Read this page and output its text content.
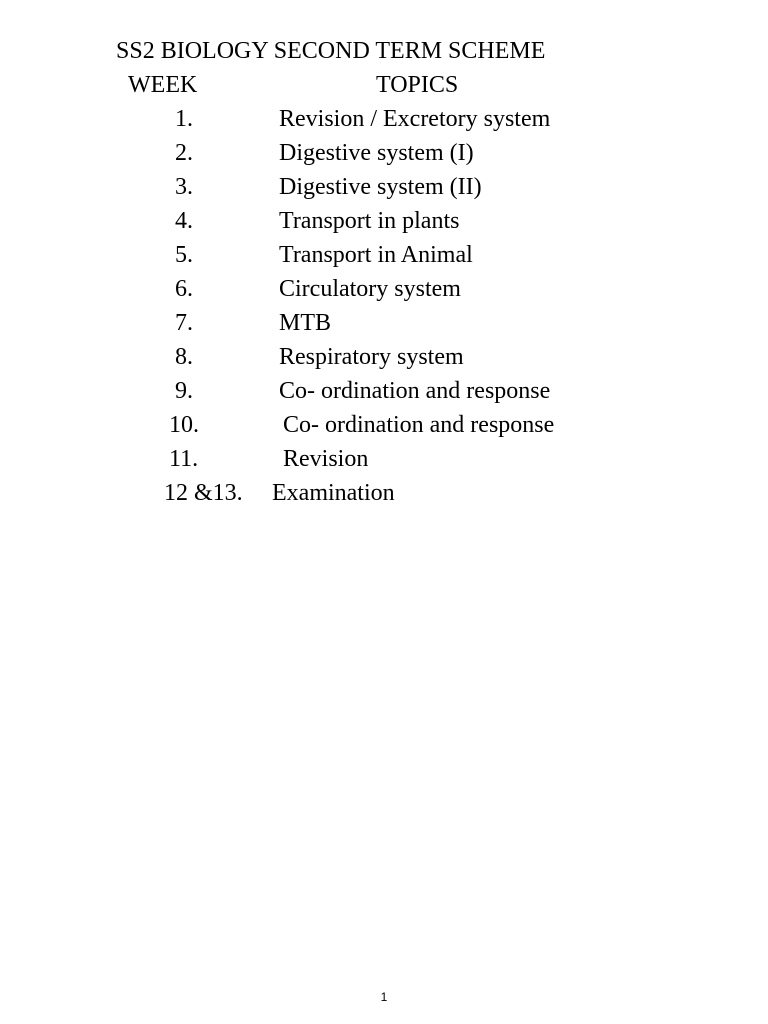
SS2 BIOLOGY SECOND TERM SCHEME
WEEK	TOPICS
1.	Revision / Excretory system
2.	Digestive system (I)
3.	Digestive system (II)
4.	Transport in plants
5.	Transport in Animal
6.	Circulatory system
7.	MTB
8.	Respiratory system
9.	Co- ordination and response
10.	Co- ordination and response
11.	Revision
12 &13. Examination
1
